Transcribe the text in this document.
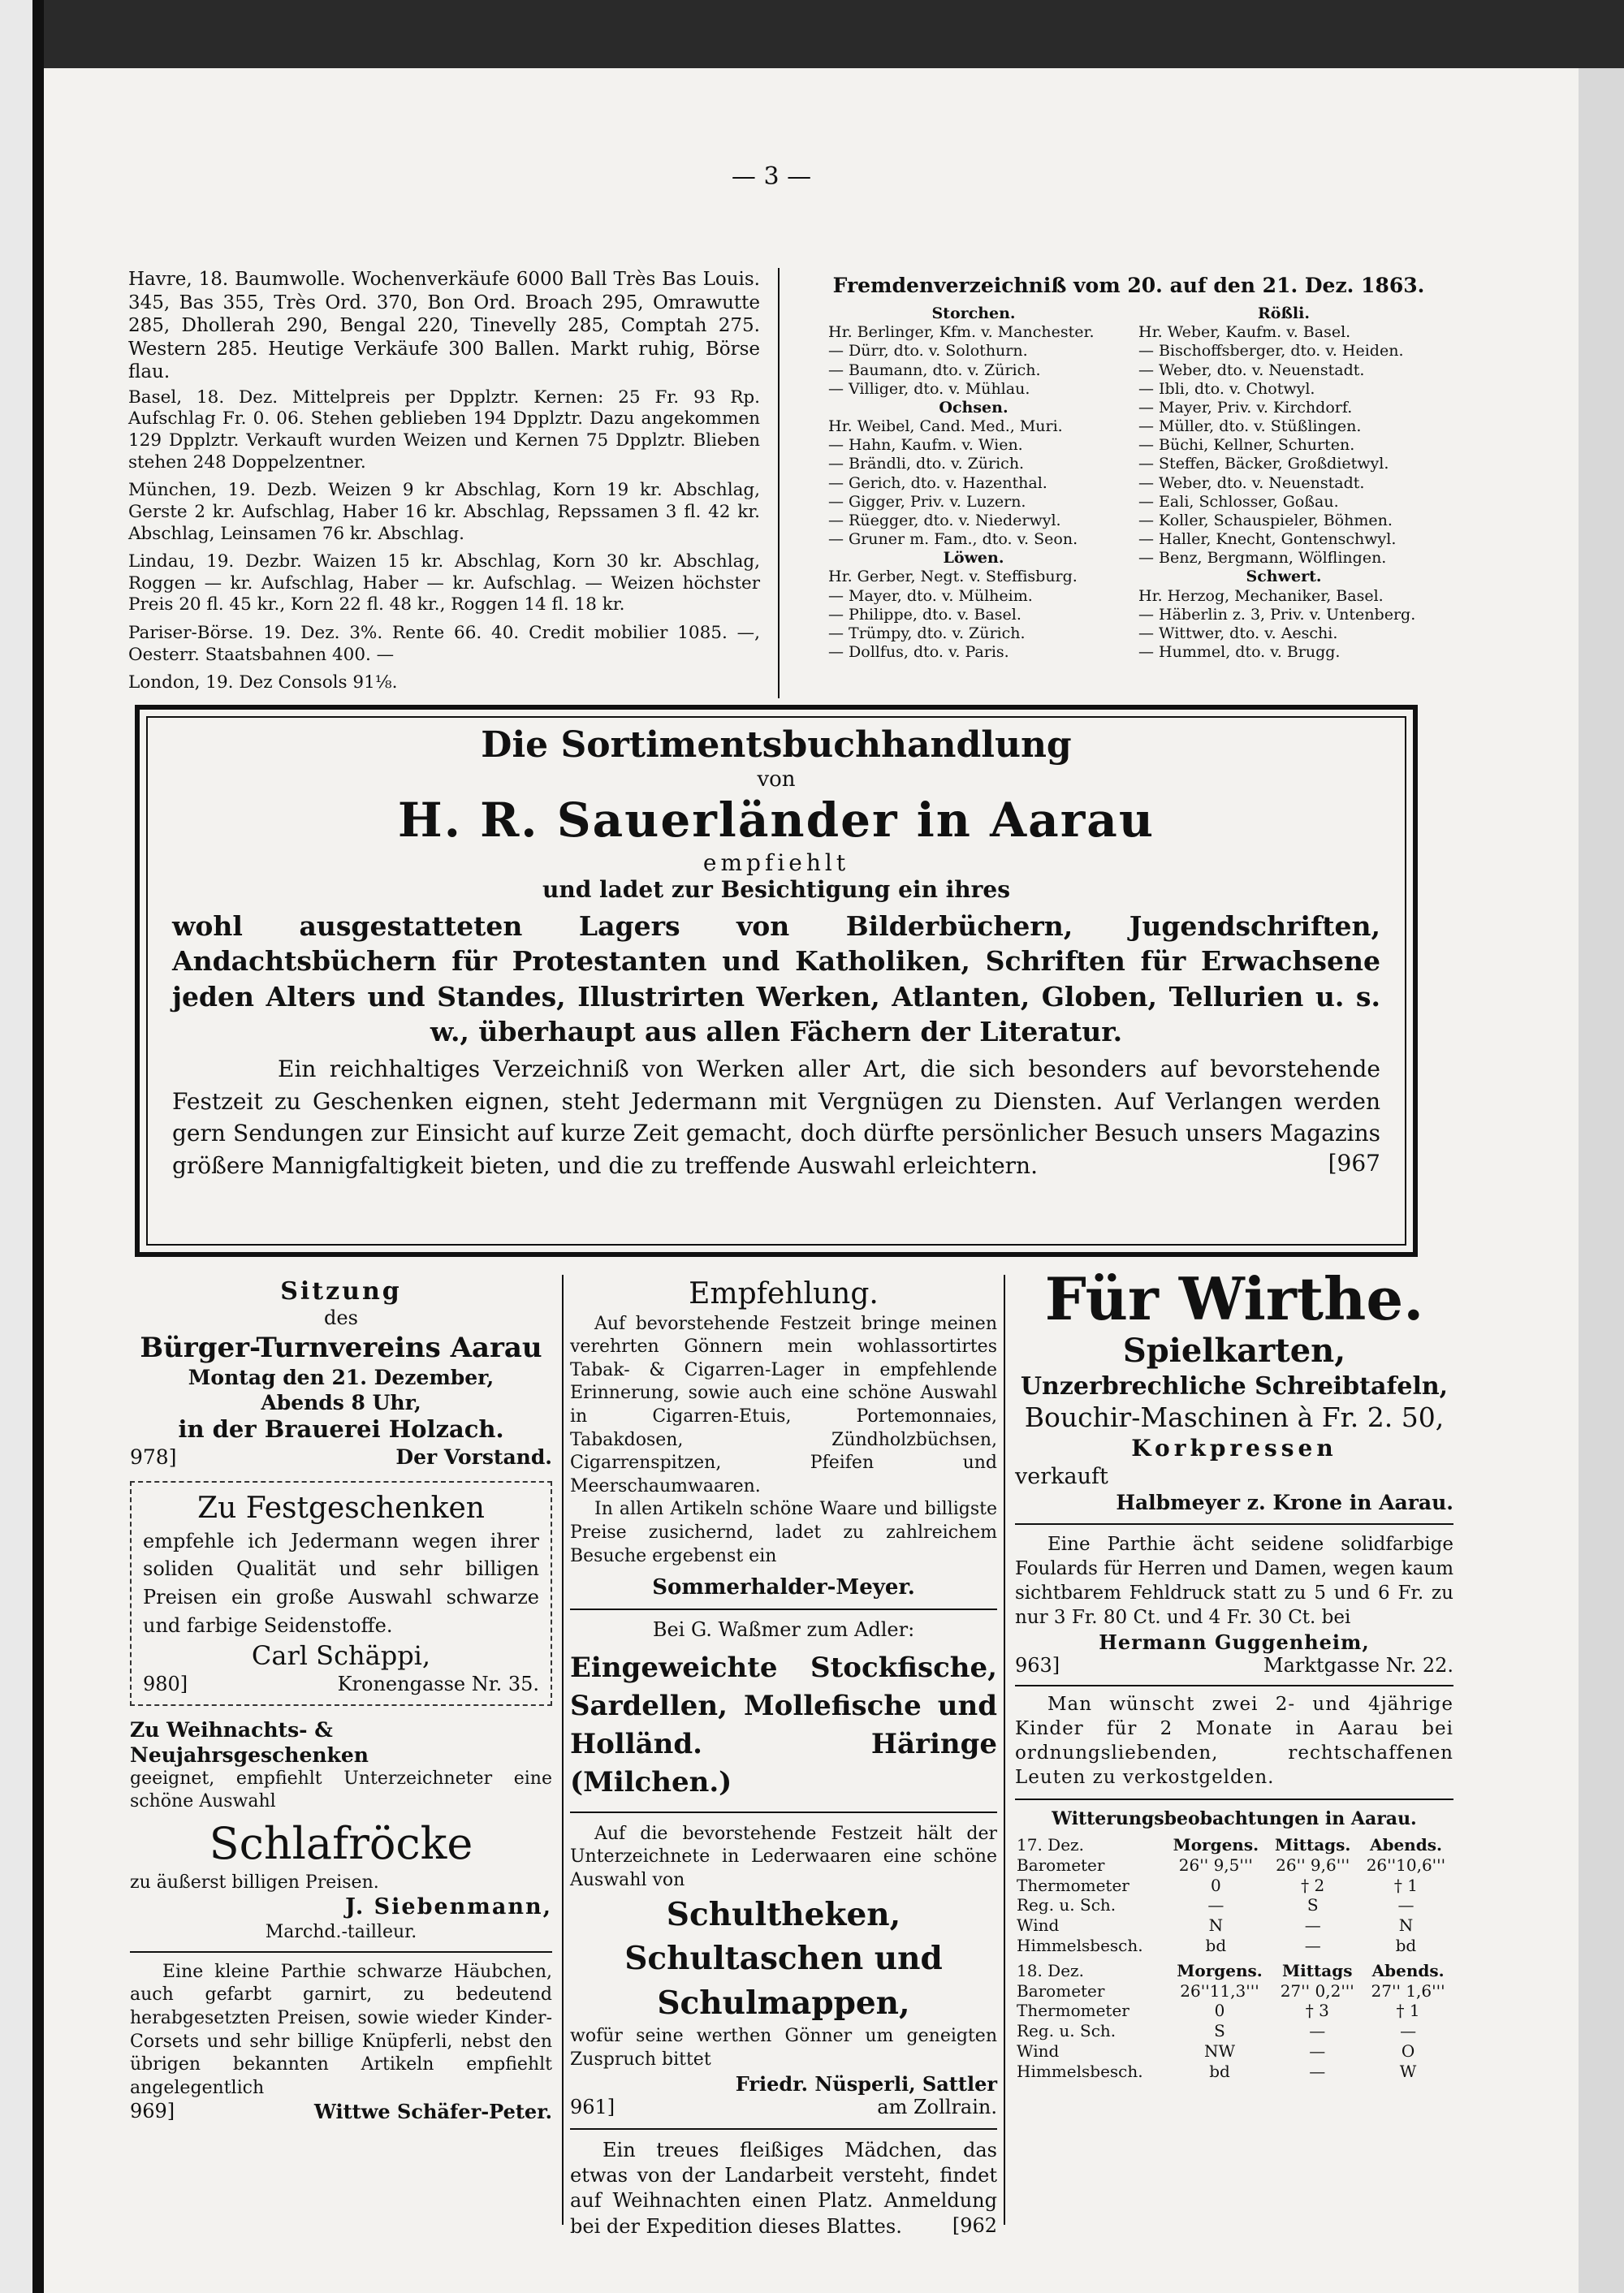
— 3 —

Havre, 18. Baumwolle. Wochenverkäufe 6000 Ball Très Bas Louis. 345, Bas 355, Très Ord. 370, Bon Ord. Broach 295, Omrawutte 285, Dhollerah 290, Bengal 220, Tinevelly 285, Comptah 275. Western 285. Heutige Verkäufe 300 Ballen. Markt ruhig, Börse flau.

Basel, 18. Dez. Mittelpreis per Dpplztr. Kernen: 25 Fr. 93 Rp. Aufschlag Fr. 0. 06. Stehen geblieben 194 Dpplztr. Dazu angekommen 129 Dpplztr. Verkauft wurden Weizen und Kernen 75 Dpplztr. Blieben stehen 248 Doppelzentner.

München, 19. Dezb. Weizen 9 kr Abschlag, Korn 19 kr. Abschlag, Gerste 2 kr. Aufschlag, Haber 16 kr. Abschlag, Repssamen 3 fl. 42 kr. Abschlag, Leinsamen 76 kr. Abschlag.

Lindau, 19. Dezbr. Waizen 15 kr. Abschlag, Korn 30 kr. Abschlag, Roggen — kr. Aufschlag, Haber — kr. Aufschlag. — Weizen höchster Preis 20 fl. 45 kr., Korn 22 fl. 48 kr., Roggen 14 fl. 18 kr.

Pariser-Börse. 19. Dez. 3%. Rente 66. 40. Credit mobilier 1085. —, Oesterr. Staatsbahnen 400. —

London, 19. Dez Consols 91⅛.

Fremdenverzeichniß vom 20. auf den 21. Dez. 1863.

Storchen.

Hr. Berlinger, Kfm. v. Manchester.

— Dürr, dto. v. Solothurn.

— Baumann, dto. v. Zürich.

— Villiger, dto. v. Mühlau.

Ochsen.

Hr. Weibel, Cand. Med., Muri.

— Hahn, Kaufm. v. Wien.

— Brändli, dto. v. Zürich.

— Gerich, dto. v. Hazenthal.

— Gigger, Priv. v. Luzern.

— Rüegger, dto. v. Niederwyl.

— Gruner m. Fam., dto. v. Seon.

Löwen.

Hr. Gerber, Negt. v. Steffisburg.

— Mayer, dto. v. Mülheim.

— Philippe, dto. v. Basel.

— Trümpy, dto. v. Zürich.

— Dollfus, dto. v. Paris.

Rößli.

Hr. Weber, Kaufm. v. Basel.

— Bischoffsberger, dto. v. Heiden.

— Weber, dto. v. Neuenstadt.

— Ibli, dto. v. Chotwyl.

— Mayer, Priv. v. Kirchdorf.

— Müller, dto. v. Stüßlingen.

— Büchi, Kellner, Schurten.

— Steffen, Bäcker, Großdietwyl.

— Weber, dto. v. Neuenstadt.

— Eali, Schlosser, Goßau.

— Koller, Schauspieler, Böhmen.

— Haller, Knecht, Gontenschwyl.

— Benz, Bergmann, Wölflingen.

Schwert.

Hr. Herzog, Mechaniker, Basel.

— Häberlin z. 3, Priv. v. Untenberg.

— Wittwer, dto. v. Aeschi.

— Hummel, dto. v. Brugg.

Die Sortimentsbuchhandlung

von

H. R. Sauerländer in Aarau

empfiehlt

und ladet zur Besichtigung ein ihres

wohl ausgestatteten Lagers von Bilderbüchern, Jugendschriften, Andachtsbüchern für Protestanten und Katholiken, Schriften für Erwachsene jeden Alters und Standes, Illustrirten Werken, Atlanten, Globen, Tellurien u. s. w., überhaupt aus allen Fächern der Literatur.

Ein reichhaltiges Verzeichniß von Werken aller Art, die sich besonders auf bevorstehende Festzeit zu Geschenken eignen, steht Jedermann mit Vergnügen zu Diensten. Auf Verlangen werden gern Sendungen zur Einsicht auf kurze Zeit gemacht, doch dürfte persönlicher Besuch unsers Magazins größere Mannigfaltigkeit bieten, und die zu treffende Auswahl erleichtern.	[967

Sitzung

des

Bürger-Turnvereins Aarau

Montag den 21. Dezember,

Abends 8 Uhr,

in der Brauerei Holzach.

978]	Der Vorstand.

Zu Festgeschenken

empfehle ich Jedermann wegen ihrer soliden Qualität und sehr billigen Preisen ein große Auswahl schwarze und farbige Seidenstoffe.

Carl Schäppi,

980]	Kronengasse Nr. 35.

Zu Weihnachts- & Neujahrsgeschenken

geeignet, empfiehlt Unterzeichneter eine schöne Auswahl

Schlafröcke

zu äußerst billigen Preisen.

J. Siebenmann,

Marchd.-tailleur.

Eine kleine Parthie schwarze Häubchen, auch gefarbt garnirt, zu bedeutend herabgesetzten Preisen, sowie wieder Kinder-Corsets und sehr billige Knüpferli, nebst den übrigen bekannten Artikeln empfiehlt angelegentlich

969]	Wittwe Schäfer-Peter.

Empfehlung.

Auf bevorstehende Festzeit bringe meinen verehrten Gönnern mein wohlassortirtes Tabak- & Cigarren-Lager in empfehlende Erinnerung, sowie auch eine schöne Auswahl in Cigarren-Etuis, Portemonnaies, Tabakdosen, Zündholzbüchsen, Cigarrenspitzen, Pfeifen und Meerschaumwaaren.

In allen Artikeln schöne Waare und billigste Preise zusichernd, ladet zu zahlreichem Besuche ergebenst ein

Sommerhalder-Meyer.

Bei G. Waßmer zum Adler:

Eingeweichte Stockfische, Sardellen, Mollefische und Holländ. Häringe (Milchen.)

Auf die bevorstehende Festzeit hält der Unterzeichnete in Lederwaaren eine schöne Auswahl von

Schultheken, Schultaschen und Schulmappen,

wofür seine werthen Gönner um geneigten Zuspruch bittet

Friedr. Nüsperli, Sattler
961]	am Zollrain.

Ein treues fleißiges Mädchen, das etwas von der Landarbeit versteht, findet auf Weihnachten einen Platz. Anmeldung bei der Expedition dieses Blattes.	[962

Für Wirthe.

Spielkarten,

Unzerbrechliche Schreibtafeln,

Bouchir-Maschinen à Fr. 2. 50,

Korkpressen

verkauft

Halbmeyer z. Krone in Aarau.

Eine Parthie ächt seidene solidfarbige Foulards für Herren und Damen, wegen kaum sichtbarem Fehldruck statt zu 5 und 6 Fr. zu nur 3 Fr. 80 Ct. und 4 Fr. 30 Ct. bei

Hermann Guggenheim,

963]	Marktgasse Nr. 22.

Man wünscht zwei 2- und 4jährige Kinder für 2 Monate in Aarau bei ordnungsliebenden, rechtschaffenen Leuten zu verkostgelden.

Witterungsbeobachtungen in Aarau.

17. Dez.	Morgens.	Mittags.	Abends.
Barometer	26'' 9,5'''	26'' 9,6'''	26''10,6'''
Thermometer	0	† 2	† 1
Reg. u. Sch.	—	S	—
Wind	N	—	N
Himmelsbesch.	bd	—	bd
18. Dez.	Morgens.	Mittags	Abends.
Barometer	26''11,3'''	27'' 0,2'''	27'' 1,6'''
Thermometer	0	† 3	† 1
Reg. u. Sch.	S	—	—
Wind	NW	—	O
Himmelsbesch.	bd	—	W
